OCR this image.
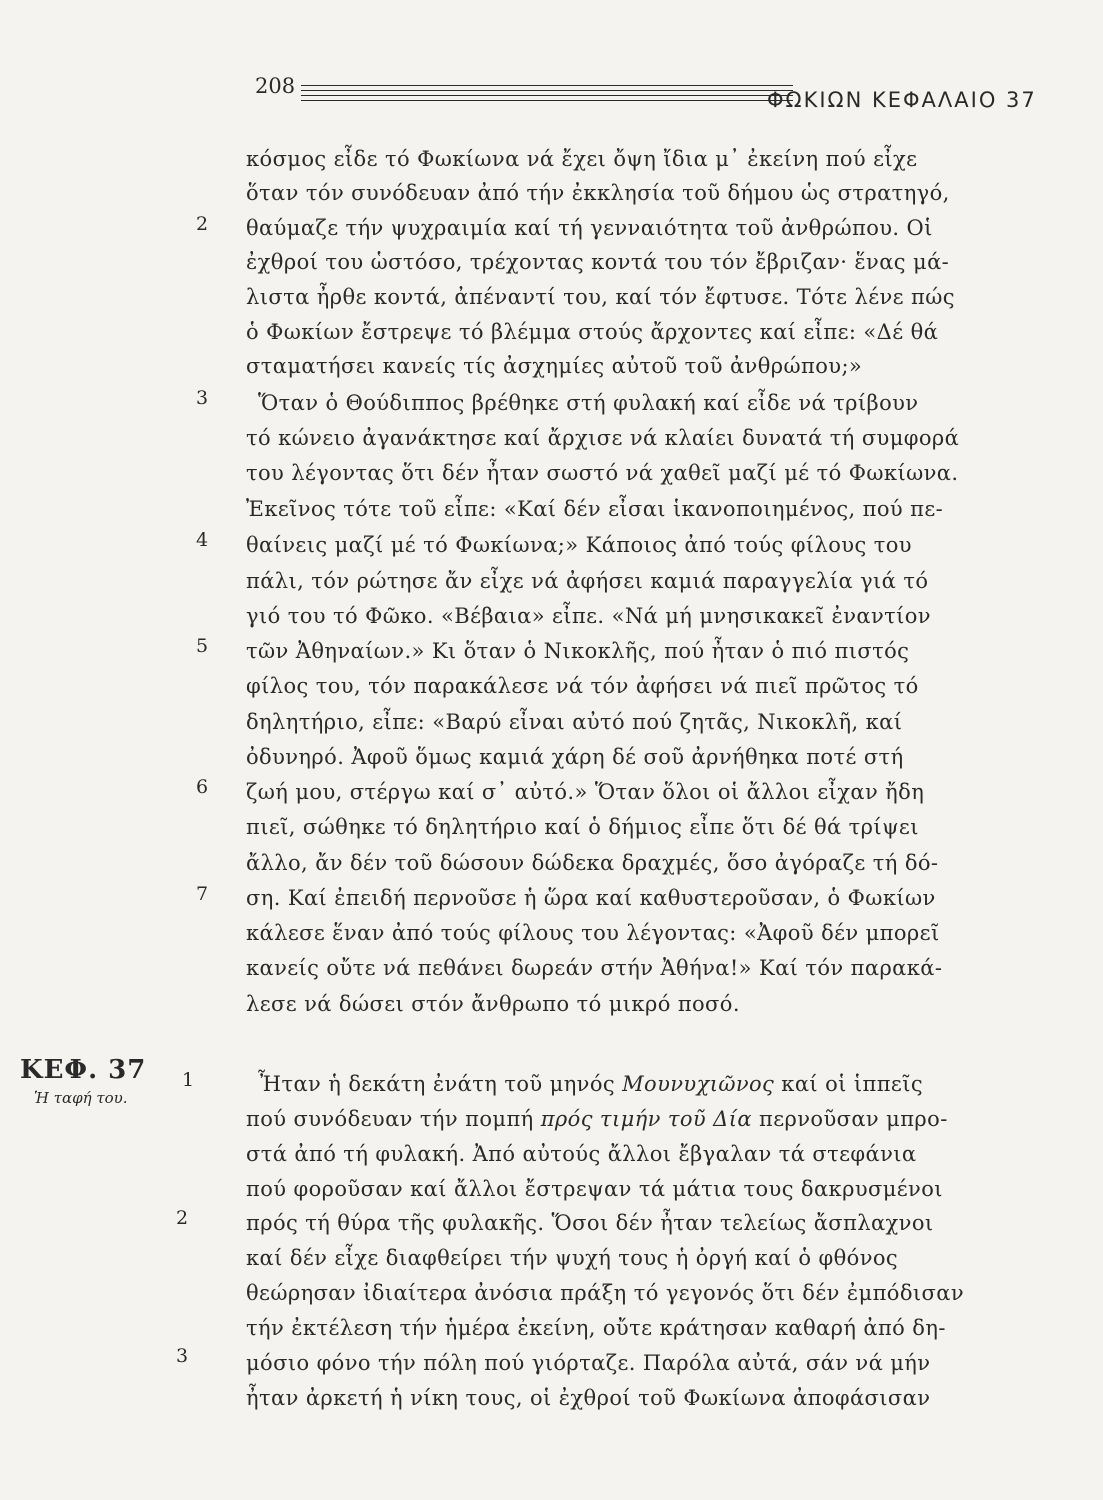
208
ΦΩΚΙΩΝ ΚΕΦΑΛΑΙΟ 37
2
3
4
5
6
7
1
2
3
κόσμος εἶδε τό Φωκίωνα νά ἔχει ὄψη ἴδια μ᾽ ἐκείνη πού εἶχε
ὅταν τόν συνόδευαν ἀπό τήν ἐκκλησία τοῦ δήμου ὡς στρατηγό,
θαύμαζε τήν ψυχραιμία καί τή γενναιότητα τοῦ ἀνθρώπου. Οἱ
ἐχθροί του ὡστόσο, τρέχοντας κοντά του τόν ἔβριζαν· ἕνας μά-
λιστα ἦρθε κοντά, ἀπέναντί του, καί τόν ἔφτυσε. Τότε λένε πώς
ὁ Φωκίων ἔστρεψε τό βλέμμα στούς ἄρχοντες καί εἶπε: «Δέ θά
σταματήσει κανείς τίς ἀσχημίες αὐτοῦ τοῦ ἀνθρώπου;»
Ὅταν ὁ Θούδιππος βρέθηκε στή φυλακή καί εἶδε νά τρίβουν
τό κώνειο ἀγανάκτησε καί ἄρχισε νά κλαίει δυνατά τή συμφορά
του λέγοντας ὅτι δέν ἦταν σωστό νά χαθεῖ μαζί μέ τό Φωκίωνα.
Ἐκεῖνος τότε τοῦ εἶπε: «Καί δέν εἶσαι ἱκανοποιημένος, πού πε-
θαίνεις μαζί μέ τό Φωκίωνα;» Κάποιος ἀπό τούς φίλους του
πάλι, τόν ρώτησε ἄν εἶχε νά ἀφήσει καμιά παραγγελία γιά τό
γιό του τό Φῶκο. «Βέβαια» εἶπε. «Νά μή μνησικακεῖ ἐναντίον
τῶν Ἀθηναίων.» Κι ὅταν ὁ Νικοκλῆς, πού ἦταν ὁ πιό πιστός
φίλος του, τόν παρακάλεσε νά τόν ἀφήσει νά πιεῖ πρῶτος τό
δηλητήριο, εἶπε: «Βαρύ εἶναι αὐτό πού ζητᾶς, Νικοκλῆ, καί
ὀδυνηρό. Ἀφοῦ ὅμως καμιά χάρη δέ σοῦ ἀρνήθηκα ποτέ στή
ζωή μου, στέργω καί σ᾽ αὐτό.» Ὅταν ὅλοι οἱ ἄλλοι εἶχαν ἤδη
πιεῖ, σώθηκε τό δηλητήριο καί ὁ δήμιος εἶπε ὅτι δέ θά τρίψει
ἄλλο, ἄν δέν τοῦ δώσουν δώδεκα δραχμές, ὅσο ἀγόραζε τή δό-
ση. Καί ἐπειδή περνοῦσε ἡ ὥρα καί καθυστεροῦσαν, ὁ Φωκίων
κάλεσε ἕναν ἀπό τούς φίλους του λέγοντας: «Ἀφοῦ δέν μπορεῖ
κανείς οὔτε νά πεθάνει δωρεάν στήν Ἀθήνα!» Καί τόν παρακά-
λεσε νά δώσει στόν ἄνθρωπο τό μικρό ποσό.
ΚΕΦ. 37
Ἡ ταφή του.
Ἦταν ἡ δεκάτη ἐνάτη τοῦ μηνός Μουνυχιῶνος καί οἱ ἱππεῖς
πού συνόδευαν τήν πομπή πρός τιμήν τοῦ Δία περνοῦσαν μπρο-
στά ἀπό τή φυλακή. Ἀπό αὐτούς ἄλλοι ἔβγαλαν τά στεφάνια
πού φοροῦσαν καί ἄλλοι ἔστρεψαν τά μάτια τους δακρυσμένοι
πρός τή θύρα τῆς φυλακῆς. Ὅσοι δέν ἦταν τελείως ἄσπλαχνοι
καί δέν εἶχε διαφθείρει τήν ψυχή τους ἡ ὀργή καί ὁ φθόνος
θεώρησαν ἰδιαίτερα ἀνόσια πράξη τό γεγονός ὅτι δέν ἐμπόδισαν
τήν ἐκτέλεση τήν ἡμέρα ἐκείνη, οὔτε κράτησαν καθαρή ἀπό δη-
μόσιο φόνο τήν πόλη πού γιόρταζε. Παρόλα αὐτά, σάν νά μήν
ἦταν ἀρκετή ἡ νίκη τους, οἱ ἐχθροί τοῦ Φωκίωνα ἀποφάσισαν
